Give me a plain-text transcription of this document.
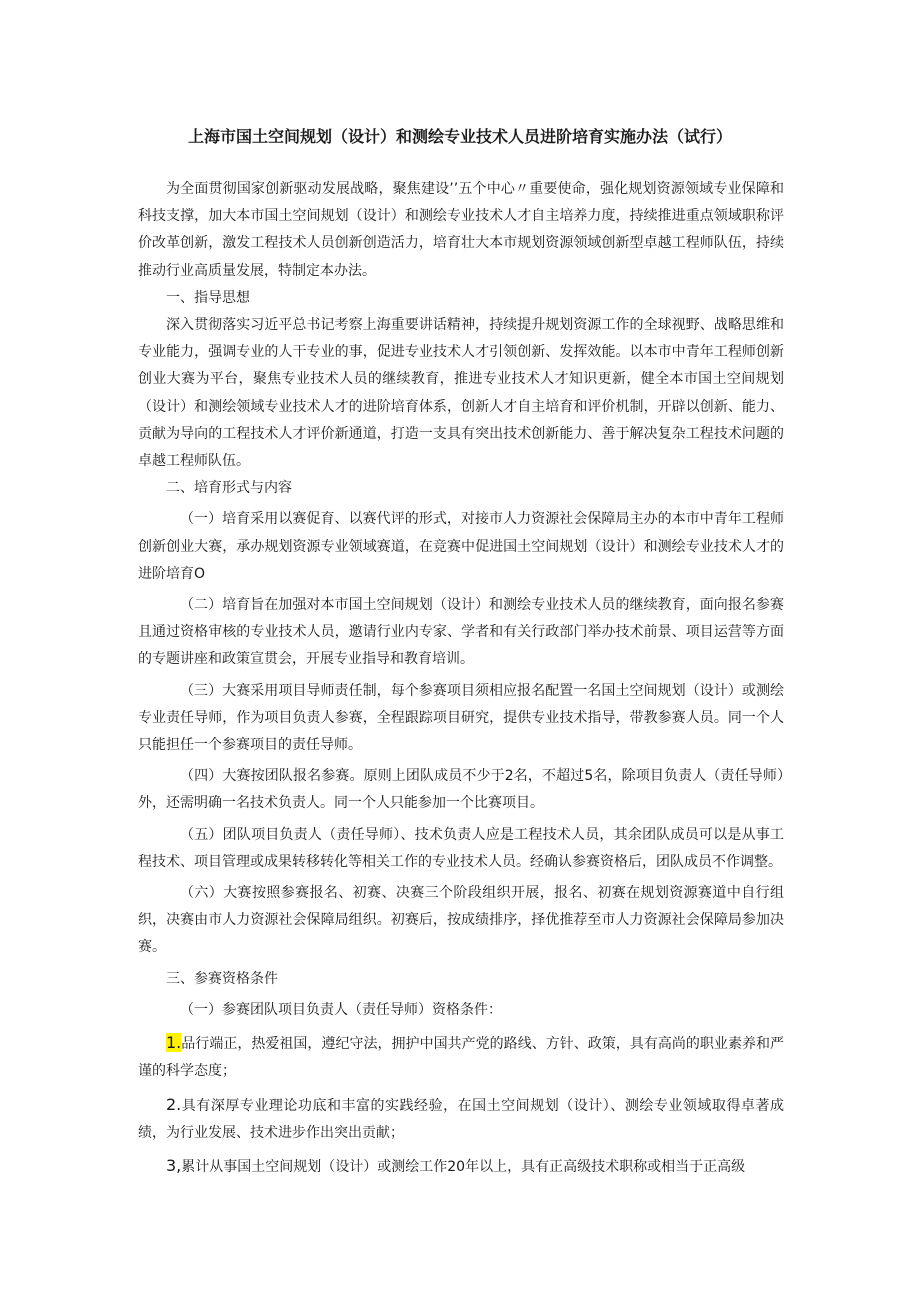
上海市国土空间规划（设计）和测绘专业技术人员进阶培育实施办法（试行）

为全面贯彻国家创新驱动发展战略，聚焦建设’’五个中心〃重要使命，强化规划资源领域专业保障和科技支撑，加大本市国土空间规划（设计）和测绘专业技术人才自主培养力度，持续推进重点领域职称评价改革创新，激发工程技术人员创新创造活力，培育壮大本市规划资源领域创新型卓越工程师队伍，持续推动行业高质量发展，特制定本办法。

一、指导思想

深入贯彻落实习近平总书记考察上海重要讲话精神，持续提升规划资源工作的全球视野、战略思维和专业能力，强调专业的人干专业的事，促进专业技术人才引领创新、发挥效能。以本市中青年工程师创新创业大赛为平台，聚焦专业技术人员的继续教育，推进专业技术人才知识更新，健全本市国土空间规划（设计）和测绘领域专业技术人才的进阶培育体系，创新人才自主培育和评价机制，开辟以创新、能力、贡献为导向的工程技术人才评价新通道，打造一支具有突出技术创新能力、善于解决复杂工程技术问题的卓越工程师队伍。

二、培育形式与内容

（一）培育采用以赛促育、以赛代评的形式，对接市人力资源社会保障局主办的本市中青年工程师创新创业大赛，承办规划资源专业领域赛道，在竞赛中促进国土空间规划（设计）和测绘专业技术人才的进阶培育O

（二）培育旨在加强对本市国土空间规划（设计）和测绘专业技术人员的继续教育，面向报名参赛且通过资格审核的专业技术人员，邀请行业内专家、学者和有关行政部门举办技术前景、项目运营等方面的专题讲座和政策宣贯会，开展专业指导和教育培训。

（三）大赛采用项目导师责任制，每个参赛项目须相应报名配置一名国土空间规划（设计）或测绘专业责任导师，作为项目负责人参赛，全程跟踪项目研究，提供专业技术指导，带教参赛人员。同一个人只能担任一个参赛项目的责任导师。

（四）大赛按团队报名参赛。原则上团队成员不少于2名，不超过5名，除项目负责人（责任导师）外，还需明确一名技术负责人。同一个人只能参加一个比赛项目。

（五）团队项目负责人（责任导师）、技术负责人应是工程技术人员，其余团队成员可以是从事工程技术、项目管理或成果转移转化等相关工作的专业技术人员。经确认参赛资格后，团队成员不作调整。

（六）大赛按照参赛报名、初赛、决赛三个阶段组织开展，报名、初赛在规划资源赛道中自行组织，决赛由市人力资源社会保障局组织。初赛后，按成绩排序，择优推荐至市人力资源社会保障局参加决赛。

三、参赛资格条件

（一）参赛团队项目负责人（责任导师）资格条件：

1.品行端正，热爱祖国，遵纪守法，拥护中国共产党的路线、方针、政策，具有高尚的职业素养和严谨的科学态度；

2.具有深厚专业理论功底和丰富的实践经验，在国土空间规划（设计）、测绘专业领域取得卓著成绩，为行业发展、技术进步作出突出贡献；

3,累计从事国土空间规划（设计）或测绘工作20年以上，具有正高级技术职称或相当于正高级
